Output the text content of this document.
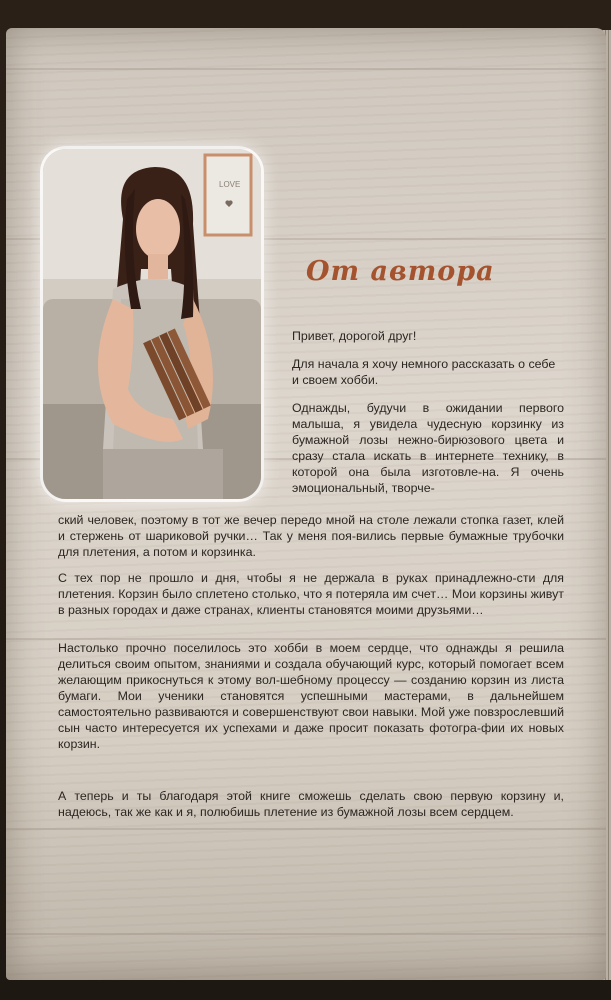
LOVE
От автора

Привет, дорогой друг!

Для начала я хочу немного рассказать о себе и своем хобби.

Однажды, будучи в ожидании первого малыша, я увидела чудесную корзинку из бумажной лозы нежно-бирюзового цвета и сразу стала искать в интернете технику, в которой она была изготовле-на. Я очень эмоциональный, творче-

ский человек, поэтому в тот же вечер передо мной на столе лежали стопка газет, клей и стержень от шариковой ручки… Так у меня поя-вились первые бумажные трубочки для плетения, а потом и корзинка.

С тех пор не прошло и дня, чтобы я не держала в руках принадлежно-сти для плетения. Корзин было сплетено столько, что я потеряла им счет… Мои корзины живут в разных городах и даже странах, клиенты становятся моими друзьями…

Настолько прочно поселилось это хобби в моем сердце, что однажды я решила делиться своим опытом, знаниями и создала обучающий курс, который помогает всем желающим прикоснуться к этому вол-шебному процессу — созданию корзин из листа бумаги. Мои ученики становятся успешными мастерами, в дальнейшем самостоятельно развиваются и совершенствуют свои навыки. Мой уже повзрослевший сын часто интересуется их успехами и даже просит показать фотогра-фии их новых корзин.

А теперь и ты благодаря этой книге сможешь сделать свою первую корзину и, надеюсь, так же как и я, полюбишь плетение из бумажной лозы всем сердцем.
